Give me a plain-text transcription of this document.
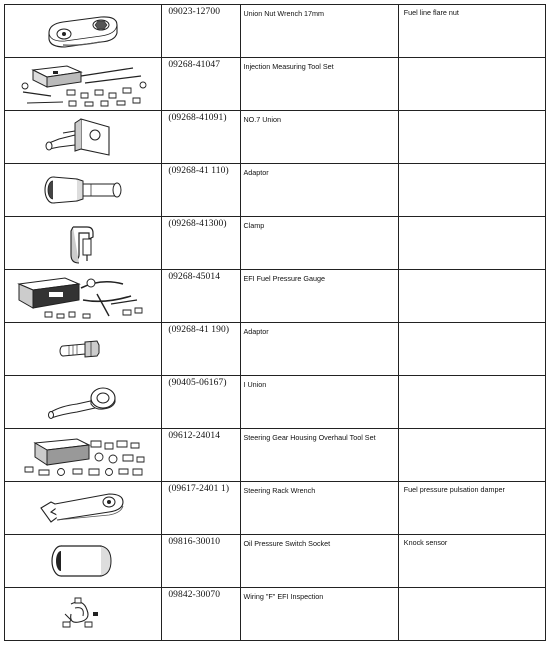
09023-12700	Union Nut Wrench 17mm	Fuel line flare nut

09268-41047	Injection Measuring Tool Set	

(09268-41091)	NO.7 Union	

(09268-41 110)	Adaptor	

(09268-41300)	Clamp	

09268-45014	EFI Fuel Pressure Gauge	

(09268-41 190)	Adaptor	

(90405-06167)	I Union	

09612-24014	Steering Gear Housing Overhaul Tool Set	

(09617-2401 1)	Steering Rack Wrench	Fuel pressure pulsation damper

09816-30010	Oil Pressure Switch Socket	Knock sensor

09842-30070	Wiring "F" EFI Inspection	
